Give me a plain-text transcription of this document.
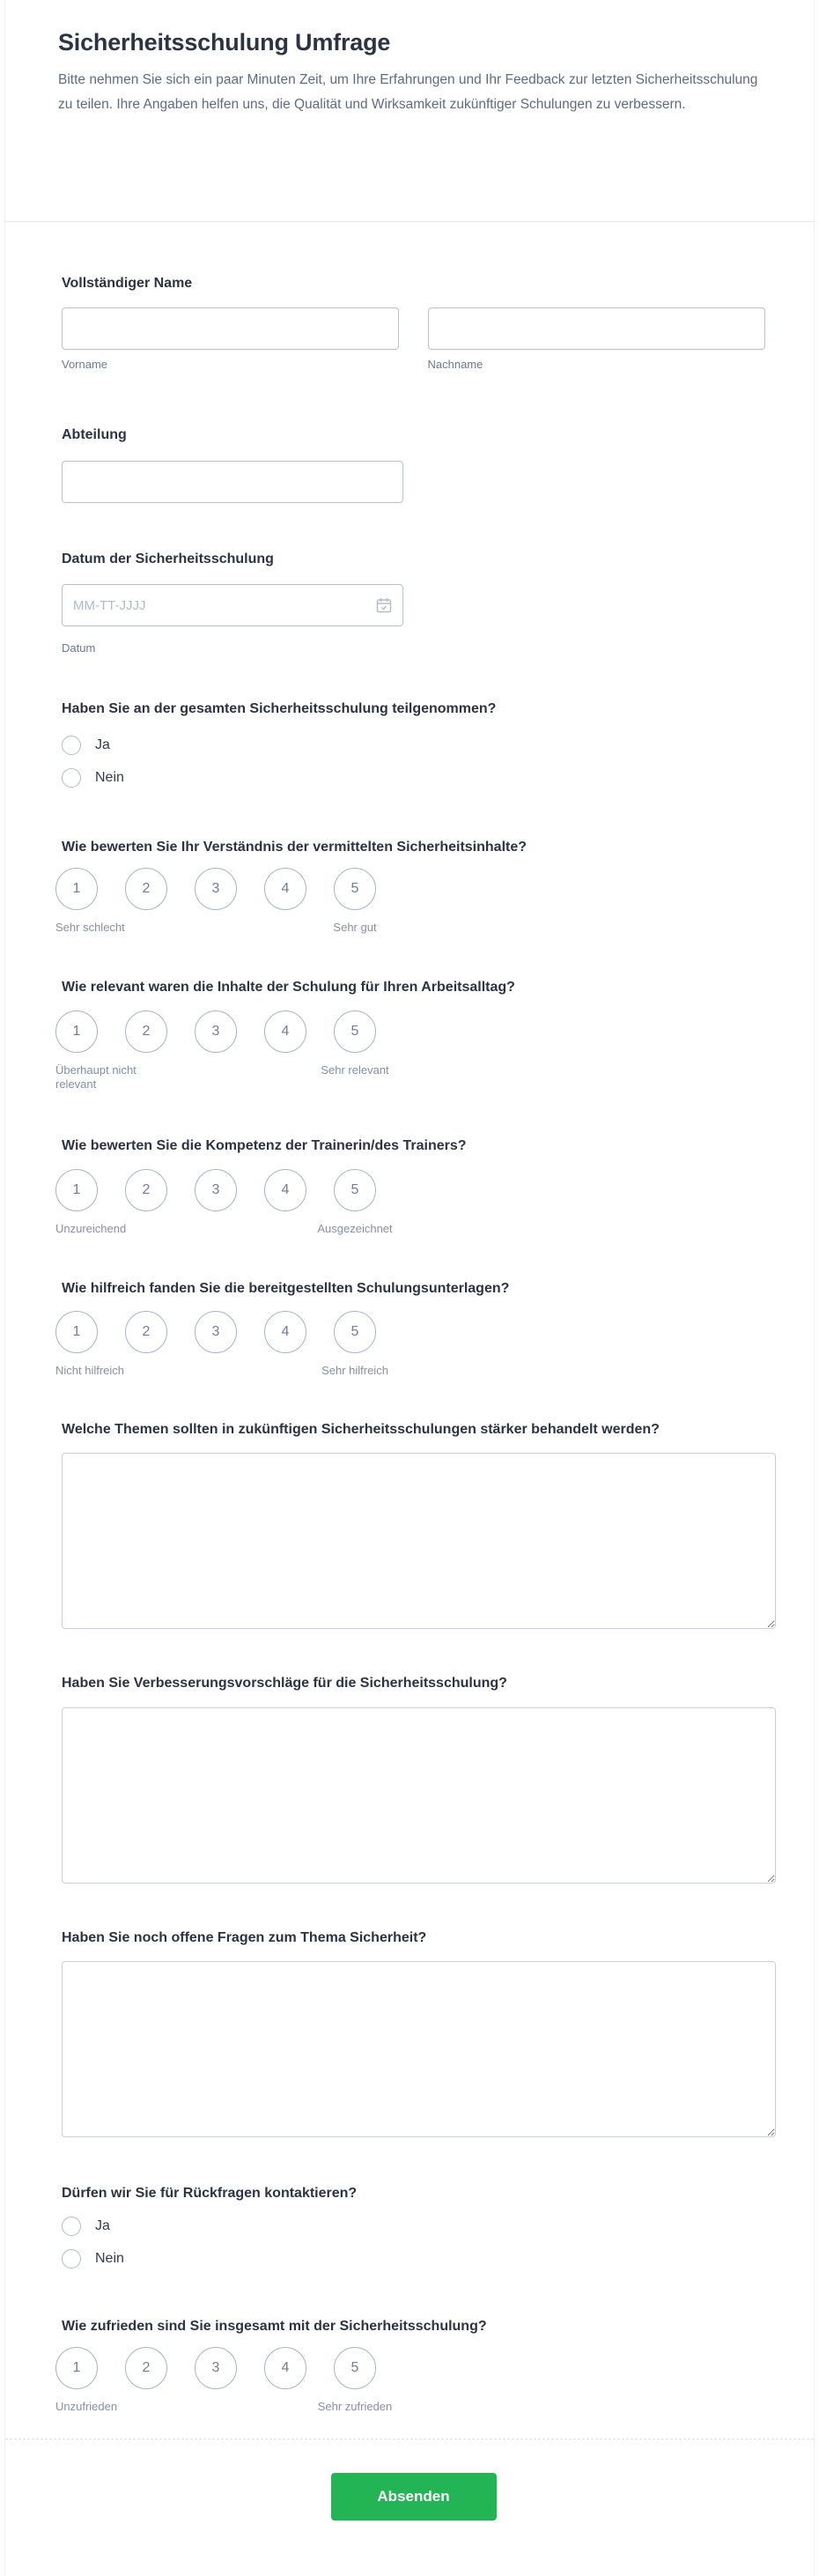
Sicherheitsschulung Umfrage

Bitte nehmen Sie sich ein paar Minuten Zeit, um Ihre Erfahrungen und Ihr Feedback zur letzten Sicherheitsschulung zu teilen. Ihre Angaben helfen uns, die Qualität und Wirksamkeit zukünftiger Schulungen zu verbessern.

Vollständiger Name
Vorname	Nachname
Abteilung
Datum der Sicherheitsschulung
MM-TT-JJJJ
Datum
Haben Sie an der gesamten Sicherheitsschulung teilgenommen?
Ja
Nein
Wie bewerten Sie Ihr Verständnis der vermittelten Sicherheitsinhalte?
1	2	3	4	5
Sehr schlecht	Sehr gut
Wie relevant waren die Inhalte der Schulung für Ihren Arbeitsalltag?
1	2	3	4	5
Überhaupt nicht relevant
Sehr relevant
Wie bewerten Sie die Kompetenz der Trainerin/des Trainers?
1	2	3	4	5
Unzureichend	Ausgezeichnet
Wie hilfreich fanden Sie die bereitgestellten Schulungsunterlagen?
1	2	3	4	5
Nicht hilfreich	Sehr hilfreich
Welche Themen sollten in zukünftigen Sicherheitsschulungen stärker behandelt werden?
Haben Sie Verbesserungsvorschläge für die Sicherheitsschulung?
Haben Sie noch offene Fragen zum Thema Sicherheit?
Dürfen wir Sie für Rückfragen kontaktieren?
Ja
Nein
Wie zufrieden sind Sie insgesamt mit der Sicherheitsschulung?
1	2	3	4	5
Unzufrieden	Sehr zufrieden
Absenden
